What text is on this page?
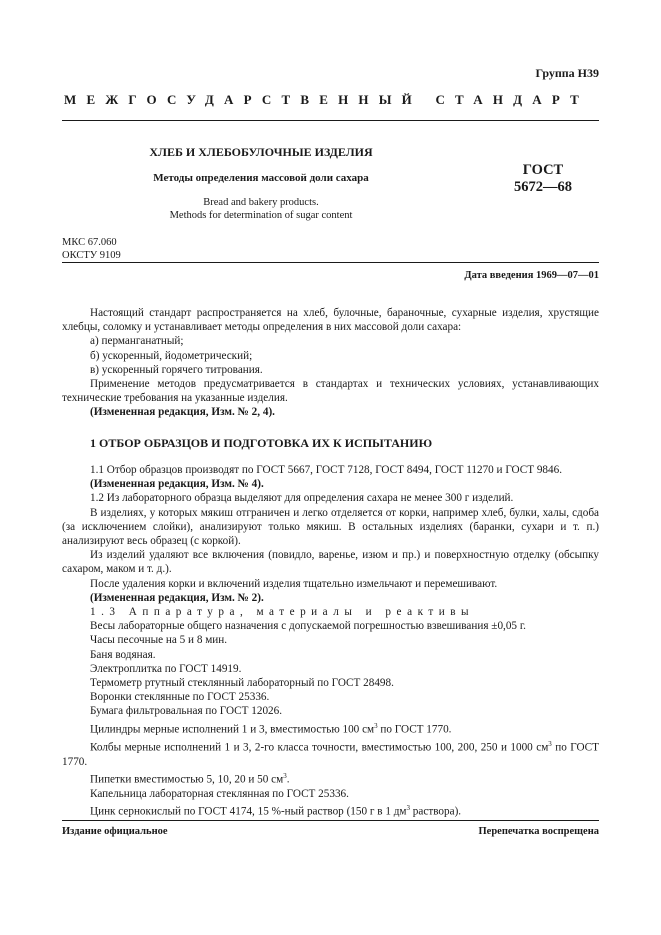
Группа Н39
МЕЖГОСУДАРСТВЕННЫЙ СТАНДАРТ
ХЛЕБ И ХЛЕБОБУЛОЧНЫЕ ИЗДЕЛИЯ
Методы определения массовой доли сахара
Bread and bakery products.
Methods for determination of sugar content
ГОСТ
5672—68
МКС 67.060
ОКСТУ 9109
Дата введения 1969—07—01

Настоящий стандарт распространяется на хлеб, булочные, бараночные, сухарные изделия, хрустящие хлебцы, соломку и устанавливает методы определения в них массовой доли сахара:

а) перманганатный;

б) ускоренный, йодометрический;

в) ускоренный горячего титрования.

Применение методов предусматривается в стандартах и технических условиях, устанавливающих технические требования на указанные изделия.

(Измененная редакция, Изм. № 2, 4).

1 ОТБОР ОБРАЗЦОВ И ПОДГОТОВКА ИХ К ИСПЫТАНИЮ

1.1 Отбор образцов производят по ГОСТ 5667, ГОСТ 7128, ГОСТ 8494, ГОСТ 11270 и ГОСТ 9846.

(Измененная редакция, Изм. № 4).

1.2 Из лабораторного образца выделяют для определения сахара не менее 300 г изделий.

В изделиях, у которых мякиш отграничен и легко отделяется от корки, например хлеб, булки, халы, сдоба (за исключением слойки), анализируют только мякиш. В остальных изделиях (баранки, сухари и т. п.) анализируют весь образец (с коркой).

Из изделий удаляют все включения (повидло, варенье, изюм и пр.) и поверхностную отделку (обсыпку сахаром, маком и т. д.).

После удаления корки и включений изделия тщательно измельчают и перемешивают.

(Измененная редакция, Изм. № 2).

1.3 Аппаратура, материалы и реактивы

Весы лабораторные общего назначения с допускаемой погрешностью взвешивания ±0,05 г.

Часы песочные на 5 и 8 мин.

Баня водяная.

Электроплитка по ГОСТ 14919.

Термометр ртутный стеклянный лабораторный по ГОСТ 28498.

Воронки стеклянные по ГОСТ 25336.

Бумага фильтровальная по ГОСТ 12026.

Цилиндры мерные исполнений 1 и 3, вместимостью 100 $см^3$ по ГОСТ 1770.

Колбы мерные исполнений 1 и 3, 2-го класса точности, вместимостью 100, 200, 250 и 1000 $см^3$ по ГОСТ 1770.

Пипетки вместимостью 5, 10, 20 и 50 $см^3$.

Капельница лабораторная стеклянная по ГОСТ 25336.

Цинк сернокислый по ГОСТ 4174, 15 %-ный раствор (150 г в 1 $дм^3$ раствора).

Издание официальное	Перепечатка воспрещена
